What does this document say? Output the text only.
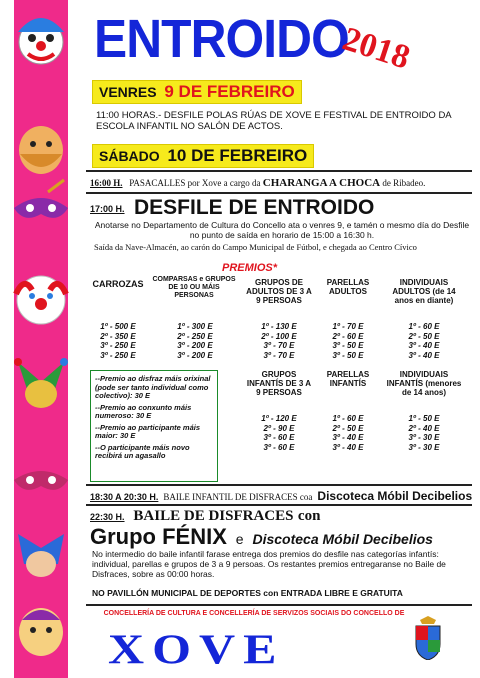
ENTROIDO
2018
VENRES 9 DE FEBREIRO
11:00 HORAS.- DESFILE POLAS RÚAS DE XOVE E FESTIVAL DE ENTROIDO DA ESCOLA INFANTIL NO SALÓN DE ACTOS.
SÁBADO 10 DE FEBREIRO
16:00 H. PASACALLES por Xove a cargo da CHARANGA A CHOCA de Ribadeo.
17:00 H. DESFILE DE ENTROIDO
Anotarse no Departamento de Cultura do Concello ata o venres 9, e tamén o mesmo día do Desfile no punto de saída en horario de 15:00 a 16:30 h.
Saída da Nave-Almacén, ao carón do Campo Municipal de Fútbol, e chegada ao Centro Cívico
PREMIOS*
CARROZAS	COMPARSAS e GRUPOS DE 10 OU MÁIS PERSONAS
GRUPOS DE ADULTOS DE 3 A 9 PERSOAS
PARELLAS ADULTOS
INDIVIDUAIS ADULTOS (de 14 anos en diante)
1º - 500 E
2º - 350 E
3º - 250 E
3º - 250 E
1º - 300 E
2º - 250 E
3º - 200 E
3º - 200 E
1º - 130 E
2º - 100 E
3º - 70 E
3º - 70 E
1º - 70 E
2º - 60 E
3º - 50 E
3º - 50 E
1º - 60 E
2º - 50 E
3º - 40 E
3º - 40 E

--Premio ao disfraz máis orixinal (pode ser tanto individual como colectivo): 30 E

--Premio ao conxunto máis numeroso: 30 E

--Premio ao participante máis maior: 30 E

--O participante máis novo recibirá un agasallo

GRUPOS INFANTÍS DE 3 A 9 PERSOAS
PARELLAS INFANTÍS
INDIVIDUAIS INFANTÍS (menores de 14 anos)
1º - 120 E
2º - 90 E
3º - 60 E
3º - 60 E
1º - 60 E
2º - 50 E
3º - 40 E
3º - 40 E
1º - 50 E
2º - 40 E
3º - 30 E
3º - 30 E
18:30 A 20:30 H. BAILE INFANTIL DE DISFRACES coa Discoteca Móbil Decibelios
22:30 H. BAILE DE DISFRACES con
Grupo FÉNIX e Discoteca Móbil Decibelios
No intermedio do baile infantil farase entrega dos premios do desfile nas categorías infantís: individual, parellas e grupos de 3 a 9 persoas. Os restantes premios entregaranse no Baile de Disfraces, sobre as 00:00 horas.
NO PAVILLÓN MUNICIPAL DE DEPORTES con ENTRADA LIBRE E GRATUITA
CONCELLERÍA DE CULTURA E CONCELLERÍA DE SERVIZOS SOCIAIS DO CONCELLO DE
XOVE
